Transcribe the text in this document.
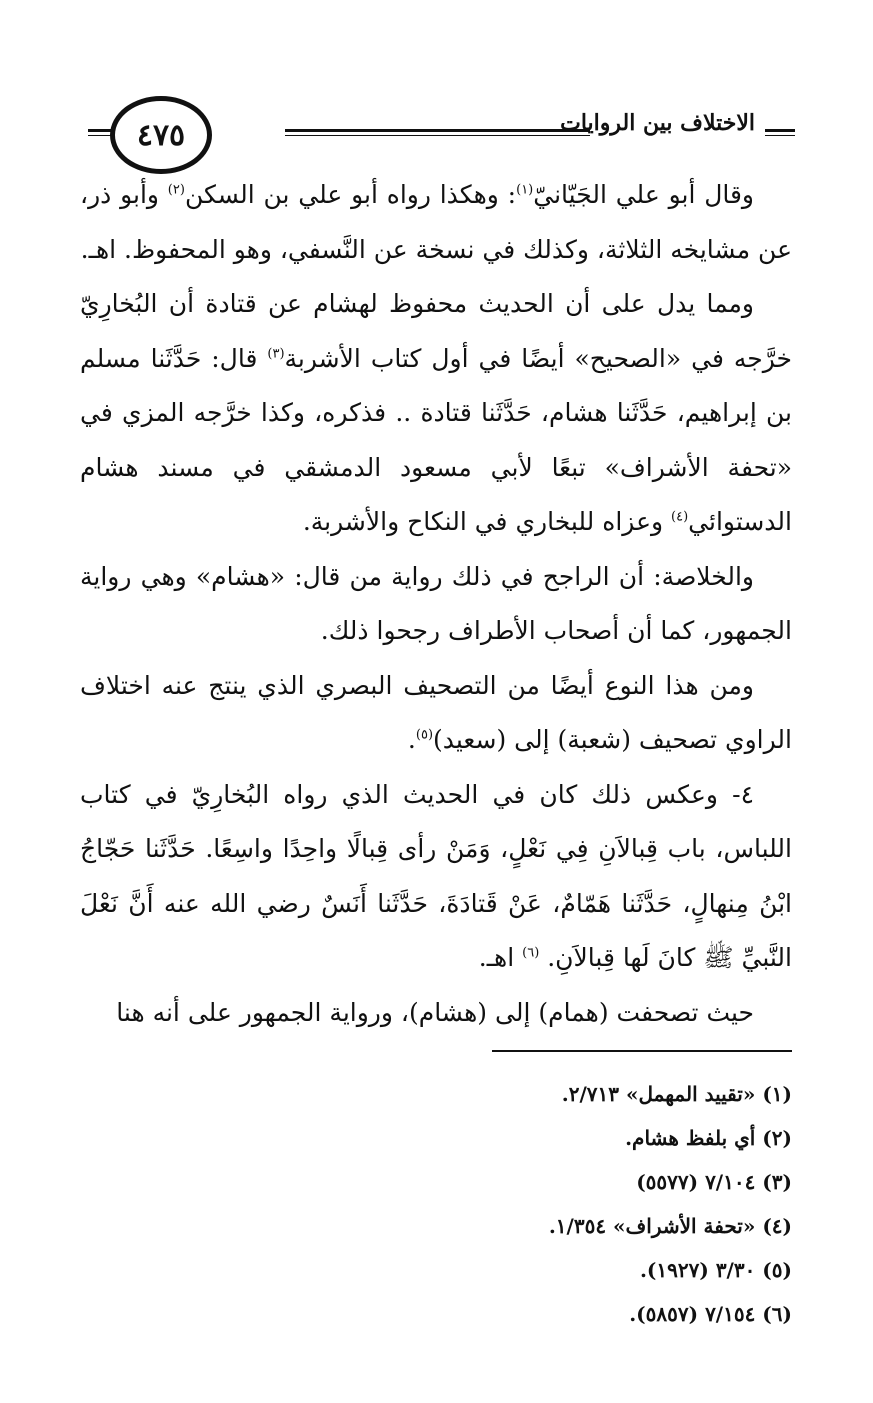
٤٧٥	الاختلاف بين الروايات

وقال أبو علي الجَيّانيّ$^{(١)}$: وهكذا رواه أبو علي بن السكن$^{(٢)}$ وأبو ذر، عن مشايخه الثلاثة، وكذلك في نسخة عن النَّسفي، وهو المحفوظ. اهـ.

ومما يدل على أن الحديث محفوظ لهشام عن قتادة أن البُخارِيّ خرَّجه في «الصحيح» أيضًا في أول كتاب الأشربة$^{(٣)}$ قال: حَدَّثَنا مسلم بن إبراهيم، حَدَّثَنا هشام، حَدَّثَنا قتادة .. فذكره، وكذا خرَّجه المزي في «تحفة الأشراف» تبعًا لأبي مسعود الدمشقي في مسند هشام الدستوائي$^{(٤)}$ وعزاه للبخاري في النكاح والأشربة.

والخلاصة: أن الراجح في ذلك رواية من قال: «هشام» وهي رواية الجمهور، كما أن أصحاب الأطراف رجحوا ذلك.

ومن هذا النوع أيضًا من التصحيف البصري الذي ينتج عنه اختلاف الراوي تصحيف (شعبة) إلى (سعيد)$^{(٥)}$.

٤- وعكس ذلك كان في الحديث الذي رواه البُخارِيّ في كتاب اللباس، باب قِبالاَنِ فِي نَعْلٍ، وَمَنْ رأى قِبالًا واحِدًا واسِعًا. حَدَّثَنا حَجّاجُ ابْنُ مِنهالٍ، حَدَّثَنا هَمّامٌ، عَنْ قَتادَةَ، حَدَّثَنا أَنَسٌ رضي الله عنه أَنَّ نَعْلَ النَّبيِّ ﷺ كانَ لَها قِبالاَنِ. $^{(٦)}$ اهـ.

حيث تصحفت (همام) إلى (هشام)، ورواية الجمهور على أنه هنا

(١) «تقييد المهمل» ٢/٧١٣.
(٢) أي بلفظ هشام.
(٣) ٧/١٠٤ (٥٥٧٧)
(٤) «تحفة الأشراف» ١/٣٥٤.
(٥) ٣/٣٠ (١٩٢٧).
(٦) ٧/١٥٤ (٥٨٥٧).
